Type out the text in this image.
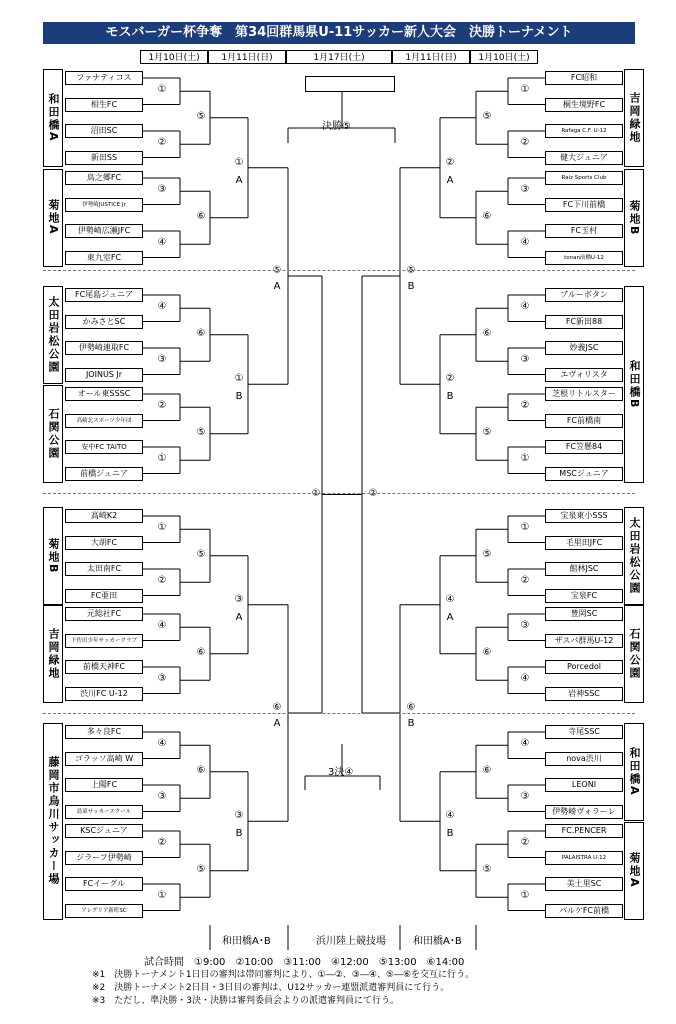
モスバーガー杯争奪　第34回群馬県U-11サッカー新人大会　決勝トーナメント
1月10日(土)	1月11日(日)	1月17日(土)	1月11日(日)	1月10日(土)
ファナティコス
相生FC
沼田SC
新田SS
鳥之郷FC
伊勢崎JUSTICE Jr
伊勢崎広瀬JFC
東九室FC
FC尾島ジュニア
かみさとSC
伊勢崎連取FC
JOINUS Jr
オール東SSSC
高崎北スポーツ少年団
安中FC TAITO
前橋ジュニア
高崎K2
大胡FC
太田南FC
FC亜田
元総社FC
下佐田少年サッカークラブ
前橋天神FC
渋川FC U-12
多々良FC
ゴラッソ高崎 W
上陽FC
島東サッカースクール
KSCジュニア
ジラーフ伊勢崎
FCイーグル
アレグリア新町SC
FC昭和
桐生境野FC
Rafaga C.F. U-12
健大ジュニア
Raiz Sports Club
FC下川前橋
FC玉村
tonan前橋U-12
ブルーボタン
FC新田88
妙義JSC
エヴォリスタ
芝根リトルスター
FC前橋南
FC笠懸84
MSCジュニア
宝泉東小SSS
毛里田JFC
館林JSC
宝泉FC
豊岡SC
ザスパ群馬U-12
Porcedol
岩神SSC
寺尾SSC
nova渋川
LEONI
伊勢崎ヴォラーレ
FC.PENCER
PALAISTRA U-12
美土里SC
パルケFC前橋
和田橋A
菊地A
太田岩松公園
石関公園
菊地B
吉岡緑地
藤岡市烏川サッカー場
吉岡緑地
菊地B
和田橋B
太田岩松公園
石関公園
和田橋A
菊地A
①
②
③
④
④
③
②
①
①
②
④
③
④
③
②
①
⑤
⑥
⑥
⑤
⑤
⑥
⑥
⑤
①
A
①
B
③
A
③
B
⑤
A
⑥
A
①
①
②
③
④
④
③
②
①
①
②
③
④
④
③
②
①
⑤
⑥
⑥
⑤
⑤
⑥
⑥
⑤
②
A
②
B
④
A
④
B
⑤
B
⑥
B
②
決勝⑤
3決④
和田橋A･B	浜川陸上競技場	和田橋A･B
試合時間　①9:00　②10:00　③11:00　④12:00　⑤13:00　⑥14:00
※1　決勝トーナメント1日目の審判は帯同審判により、①―②、③―④、⑤―⑥を交互に行う。
※2　決勝トーナメント2日目・3日目の審判は、U12サッカー連盟派遣審判員にて行う。
※3　ただし、準決勝・3決・決勝は審判委員会よりの派遣審判員にて行う。
